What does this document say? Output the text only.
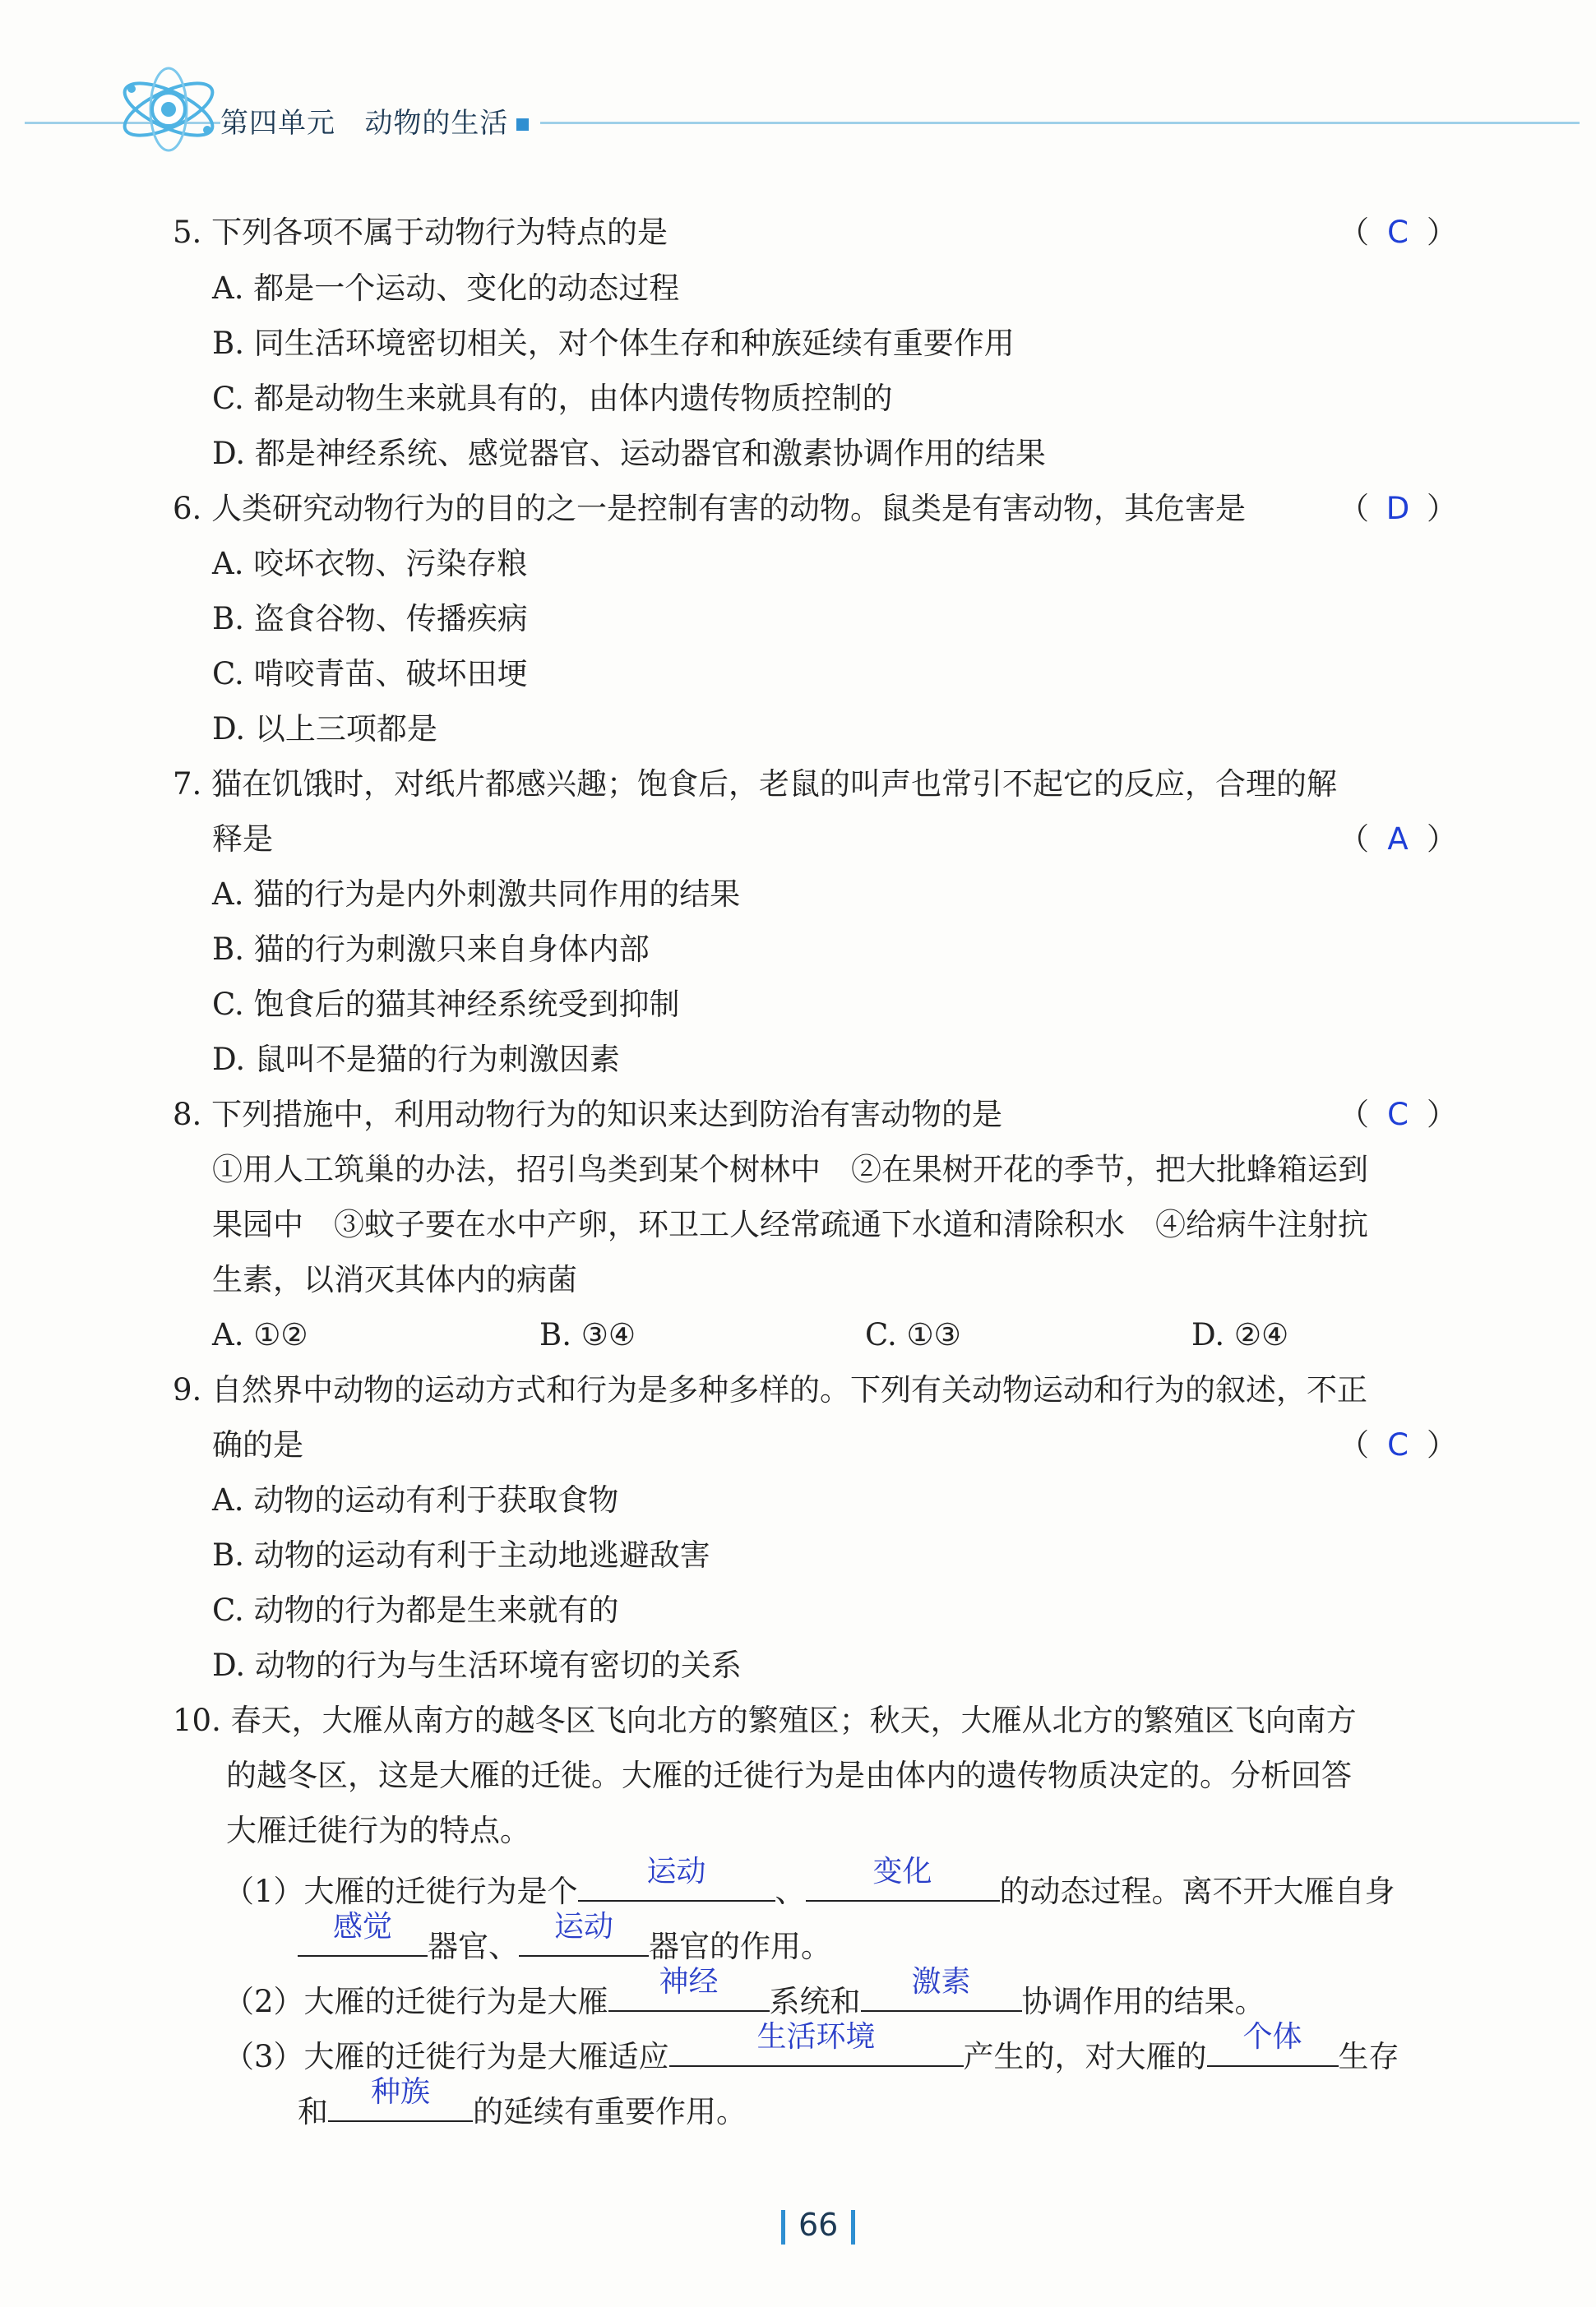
第四单元 动物的生活
5. 下列各项不属于动物行为特点的是	（ C ）
A. 都是一个运动、变化的动态过程
B. 同生活环境密切相关，对个体生存和种族延续有重要作用
C. 都是动物生来就具有的，由体内遗传物质控制的
D. 都是神经系统、感觉器官、运动器官和激素协调作用的结果
6. 人类研究动物行为的目的之一是控制有害的动物。鼠类是有害动物，其危害是	（ D ）
A. 咬坏衣物、污染存粮
B. 盗食谷物、传播疾病
C. 啃咬青苗、破坏田埂
D. 以上三项都是
7. 猫在饥饿时，对纸片都感兴趣；饱食后，老鼠的叫声也常引不起它的反应，合理的解
释是	（ A ）
A. 猫的行为是内外刺激共同作用的结果
B. 猫的行为刺激只来自身体内部
C. 饱食后的猫其神经系统受到抑制
D. 鼠叫不是猫的行为刺激因素
8. 下列措施中，利用动物行为的知识来达到防治有害动物的是	（ C ）
①用人工筑巢的办法，招引鸟类到某个树林中　②在果树开花的季节，把大批蜂箱运到
果园中　③蚊子要在水中产卵，环卫工人经常疏通下水道和清除积水　④给病牛注射抗
生素，以消灭其体内的病菌
A. ①②	B. ③④	C. ①③	D. ②④
9. 自然界中动物的运动方式和行为是多种多样的。下列有关动物运动和行为的叙述，不正
确的是	（ C ）
A. 动物的运动有利于获取食物
B. 动物的运动有利于主动地逃避敌害
C. 动物的行为都是生来就有的
D. 动物的行为与生活环境有密切的关系
10. 春天，大雁从南方的越冬区飞向北方的繁殖区；秋天，大雁从北方的繁殖区飞向南方
的越冬区，这是大雁的迁徙。大雁的迁徙行为是由体内的遗传物质决定的。分析回答
大雁迁徙行为的特点。
（1）大雁的迁徙行为是个
运动
、
变化
的动态过程。离不开大雁自身
感觉
器官、
运动
器官的作用。
（2）大雁的迁徙行为是大雁
神经
系统和
激素
协调作用的结果。
（3）大雁的迁徙行为是大雁适应
生活环境
产生的，对大雁的
个体
生存
和
种族
的延续有重要作用。
66
